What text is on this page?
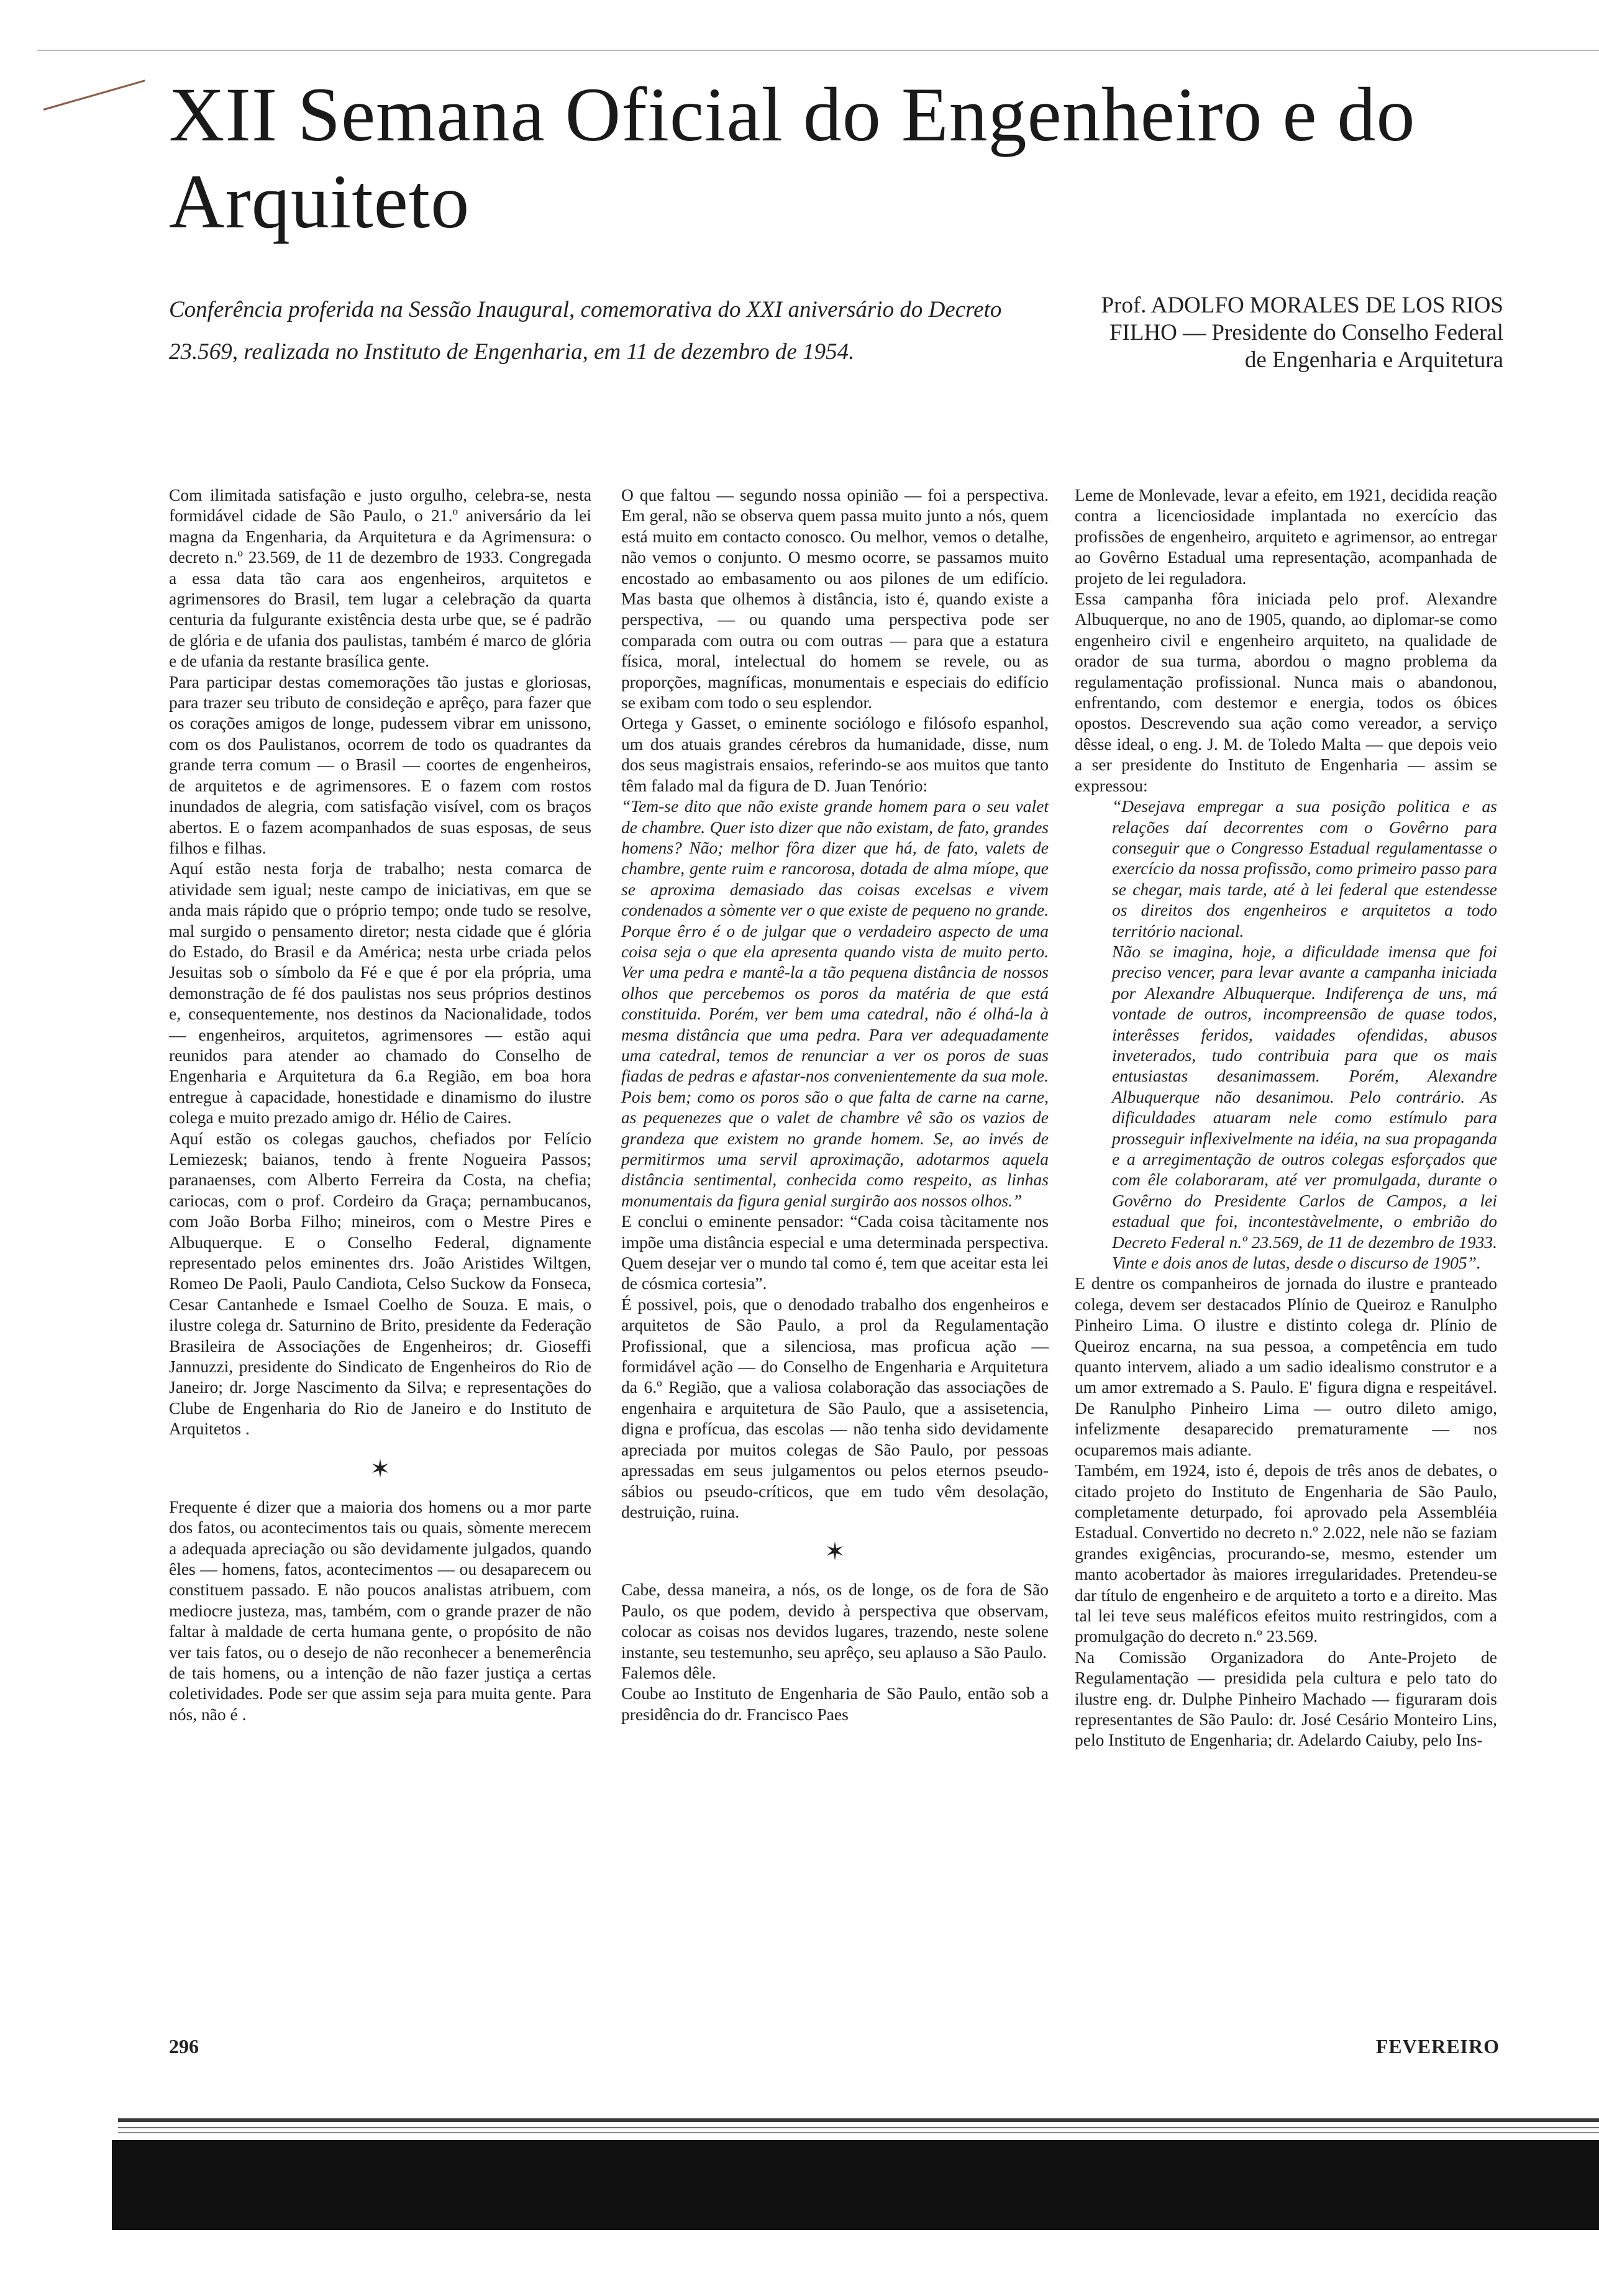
XII Semana Oficial do Engenheiro e do Arquiteto
Conferência proferida na Sessão Inaugural, comemorativa do XXI aniversário do Decreto 23.569, realizada no Instituto de Engenharia, em 11 de dezembro de 1954.
Prof. ADOLFO MORALES DE LOS RIOS
FILHO — Presidente do Conselho Federal
de Engenharia e Arquitetura

Com ilimitada satisfação e justo orgulho, celebra-se, nesta formidável cidade de São Paulo, o 21.º aniversário da lei magna da Engenharia, da Arquitetura e da Agrimensura: o decreto n.º 23.569, de 11 de dezembro de 1933. Congregada a essa data tão cara aos engenheiros, arquitetos e agrimensores do Brasil, tem lugar a celebração da quarta centuria da fulgurante existência desta urbe que, se é padrão de glória e de ufania dos paulistas, também é marco de glória e de ufania da restante brasílica gente.

Para participar destas comemorações tão justas e gloriosas, para trazer seu tributo de consideção e aprêço, para fazer que os corações amigos de longe, pudessem vibrar em unissono, com os dos Paulistanos, ocorrem de todo os quadrantes da grande terra comum — o Brasil — coortes de engenheiros, de arquitetos e de agrimensores. E o fazem com rostos inundados de alegria, com satisfação visível, com os braços abertos. E o fazem acompanhados de suas esposas, de seus filhos e filhas.

Aquí estão nesta forja de trabalho; nesta comarca de atividade sem igual; neste campo de iniciativas, em que se anda mais rápido que o próprio tempo; onde tudo se resolve, mal surgido o pensamento diretor; nesta cidade que é glória do Estado, do Brasil e da América; nesta urbe criada pelos Jesuitas sob o símbolo da Fé e que é por ela própria, uma demonstração de fé dos paulistas nos seus próprios destinos e, consequentemente, nos destinos da Nacionalidade, todos — engenheiros, arquitetos, agrimensores — estão aqui reunidos para atender ao chamado do Conselho de Engenharia e Arquitetura da 6.a Região, em boa hora entregue à capacidade, honestidade e dinamismo do ilustre colega e muito prezado amigo dr. Hélio de Caires.

Aquí estão os colegas gauchos, chefiados por Felício Lemiezesk; baianos, tendo à frente Nogueira Passos; paranaenses, com Alberto Ferreira da Costa, na chefia; cariocas, com o prof. Cordeiro da Graça; pernambucanos, com João Borba Filho; mineiros, com o Mestre Pires e Albuquerque. E o Conselho Federal, dignamente representado pelos eminentes drs. João Aristides Wiltgen, Romeo De Paoli, Paulo Candiota, Celso Suckow da Fonseca, Cesar Cantanhede e Ismael Coelho de Souza. E mais, o ilustre colega dr. Saturnino de Brito, presidente da Federação Brasileira de Associações de Engenheiros; dr. Gioseffi Jannuzzi, presidente do Sindicato de Engenheiros do Rio de Janeiro; dr. Jorge Nascimento da Silva; e representações do Clube de Engenharia do Rio de Janeiro e do Instituto de Arquitetos .

✶

Frequente é dizer que a maioria dos homens ou a mor parte dos fatos, ou acontecimentos tais ou quais, sòmente merecem a adequada apreciação ou são devidamente julgados, quando êles — homens, fatos, acontecimentos — ou desaparecem ou constituem passado. E não poucos analistas atribuem, com mediocre justeza, mas, também, com o grande prazer de não faltar à maldade de certa humana gente, o propósito de não ver tais fatos, ou o desejo de não reconhecer a benemerência de tais homens, ou a intenção de não fazer justiça a certas coletividades. Pode ser que assim seja para muita gente. Para nós, não é .

O que faltou — segundo nossa opinião — foi a perspectiva. Em geral, não se observa quem passa muito junto a nós, quem está muito em contacto conosco. Ou melhor, vemos o detalhe, não vemos o conjunto. O mesmo ocorre, se passamos muito encostado ao embasamento ou aos pilones de um edifício. Mas basta que olhemos à distância, isto é, quando existe a perspectiva, — ou quando uma perspectiva pode ser comparada com outra ou com outras — para que a estatura física, moral, intelectual do homem se revele, ou as proporções, magníficas, monumentais e especiais do edifício se exibam com todo o seu esplendor.

Ortega y Gasset, o eminente sociólogo e filósofo espanhol, um dos atuais grandes cérebros da humanidade, disse, num dos seus magistrais ensaios, referindo-se aos muitos que tanto têm falado mal da figura de D. Juan Tenório:

“Tem-se dito que não existe grande homem para o seu valet de chambre. Quer isto dizer que não existam, de fato, grandes homens? Não; melhor fôra dizer que há, de fato, valets de chambre, gente ruim e rancorosa, dotada de alma míope, que se aproxima demasiado das coisas excelsas e vivem condenados a sòmente ver o que existe de pequeno no grande. Porque êrro é o de julgar que o verdadeiro aspecto de uma coisa seja o que ela apresenta quando vista de muito perto. Ver uma pedra e mantê-la a tão pequena distância de nossos olhos que percebemos os poros da matéria de que está constituida. Porém, ver bem uma catedral, não é olhá-la à mesma distância que uma pedra. Para ver adequadamente uma catedral, temos de renunciar a ver os poros de suas fiadas de pedras e afastar-nos convenientemente da sua mole. Pois bem; como os poros são o que falta de carne na carne, as pequenezes que o valet de chambre vê são os vazios de grandeza que existem no grande homem. Se, ao invés de permitirmos uma servil aproximação, adotarmos aquela distância sentimental, conhecida como respeito, as linhas monumentais da figura genial surgirão aos nossos olhos.”

E conclui o eminente pensador: “Cada coisa tàcitamente nos impõe uma distância especial e uma determinada perspectiva. Quem desejar ver o mundo tal como é, tem que aceitar esta lei de cósmica cortesia”.

É possivel, pois, que o denodado trabalho dos engenheiros e arquitetos de São Paulo, a prol da Regulamentação Profissional, que a silenciosa, mas proficua ação — formidável ação — do Conselho de Engenharia e Arquitetura da 6.º Região, que a valiosa colaboração das associações de engenhaira e arquitetura de São Paulo, que a assisetencia, digna e profícua, das escolas — não tenha sido devidamente apreciada por muitos colegas de São Paulo, por pessoas apressadas em seus julgamentos ou pelos eternos pseudo-sábios ou pseudo-críticos, que em tudo vêm desolação, destruição, ruina.

✶

Cabe, dessa maneira, a nós, os de longe, os de fora de São Paulo, os que podem, devido à perspectiva que observam, colocar as coisas nos devidos lugares, trazendo, neste solene instante, seu testemunho, seu aprêço, seu aplauso a São Paulo.

Falemos dêle.

Coube ao Instituto de Engenharia de São Paulo, então sob a presidência do dr. Francisco Paes

Leme de Monlevade, levar a efeito, em 1921, decidida reação contra a licenciosidade implantada no exercício das profissões de engenheiro, arquiteto e agrimensor, ao entregar ao Govêrno Estadual uma representação, acompanhada de projeto de lei reguladora.

Essa campanha fôra iniciada pelo prof. Alexandre Albuquerque, no ano de 1905, quando, ao diplomar-se como engenheiro civil e engenheiro arquiteto, na qualidade de orador de sua turma, abordou o magno problema da regulamentação profissional. Nunca mais o abandonou, enfrentando, com destemor e energia, todos os óbices opostos. Descrevendo sua ação como vereador, a serviço dêsse ideal, o eng. J. M. de Toledo Malta — que depois veio a ser presidente do Instituto de Engenharia — assim se expressou:

“Desejava empregar a sua posição politica e as relações daí decorrentes com o Govêrno para conseguir que o Congresso Estadual regulamentasse o exercício da nossa profissão, como primeiro passo para se chegar, mais tarde, até à lei federal que estendesse os direitos dos engenheiros e arquitetos a todo território nacional.

Não se imagina, hoje, a dificuldade imensa que foi preciso vencer, para levar avante a campanha iniciada por Alexandre Albuquerque. Indiferença de uns, má vontade de outros, incompreensão de quase todos, interêsses feridos, vaidades ofendidas, abusos inveterados, tudo contribuia para que os mais entusiastas desanimassem. Porém, Alexandre Albuquerque não desanimou. Pelo contrário. As dificuldades atuaram nele como estímulo para prosseguir inflexivelmente na idéia, na sua propaganda e a arregimentação de outros colegas esforçados que com êle colaboraram, até ver promulgada, durante o Govêrno do Presidente Carlos de Campos, a lei estadual que foi, incontestàvelmente, o embrião do Decreto Federal n.º 23.569, de 11 de dezembro de 1933. Vinte e dois anos de lutas, desde o discurso de 1905”.

E dentre os companheiros de jornada do ilustre e pranteado colega, devem ser destacados Plínio de Queiroz e Ranulpho Pinheiro Lima. O ilustre e distinto colega dr. Plínio de Queiroz encarna, na sua pessoa, a competência em tudo quanto intervem, aliado a um sadio idealismo construtor e a um amor extremado a S. Paulo. E' figura digna e respeitável. De Ranulpho Pinheiro Lima — outro dileto amigo, infelizmente desaparecido prematuramente — nos ocuparemos mais adiante.

Também, em 1924, isto é, depois de três anos de debates, o citado projeto do Instituto de Engenharia de São Paulo, completamente deturpado, foi aprovado pela Assembléia Estadual. Convertido no decreto n.º 2.022, nele não se faziam grandes exigências, procurando-se, mesmo, estender um manto acobertador às maiores irregularidades. Pretendeu-se dar título de engenheiro e de arquiteto a torto e a direito. Mas tal lei teve seus maléficos efeitos muito restringidos, com a promulgação do decreto n.º 23.569.

Na Comissão Organizadora do Ante-Projeto de Regulamentação — presidida pela cultura e pelo tato do ilustre eng. dr. Dulphe Pinheiro Machado — figuraram dois representantes de São Paulo: dr. José Cesário Monteiro Lins, pelo Instituto de Engenharia; dr. Adelardo Caiuby, pelo Ins-

296	FEVEREIRO
